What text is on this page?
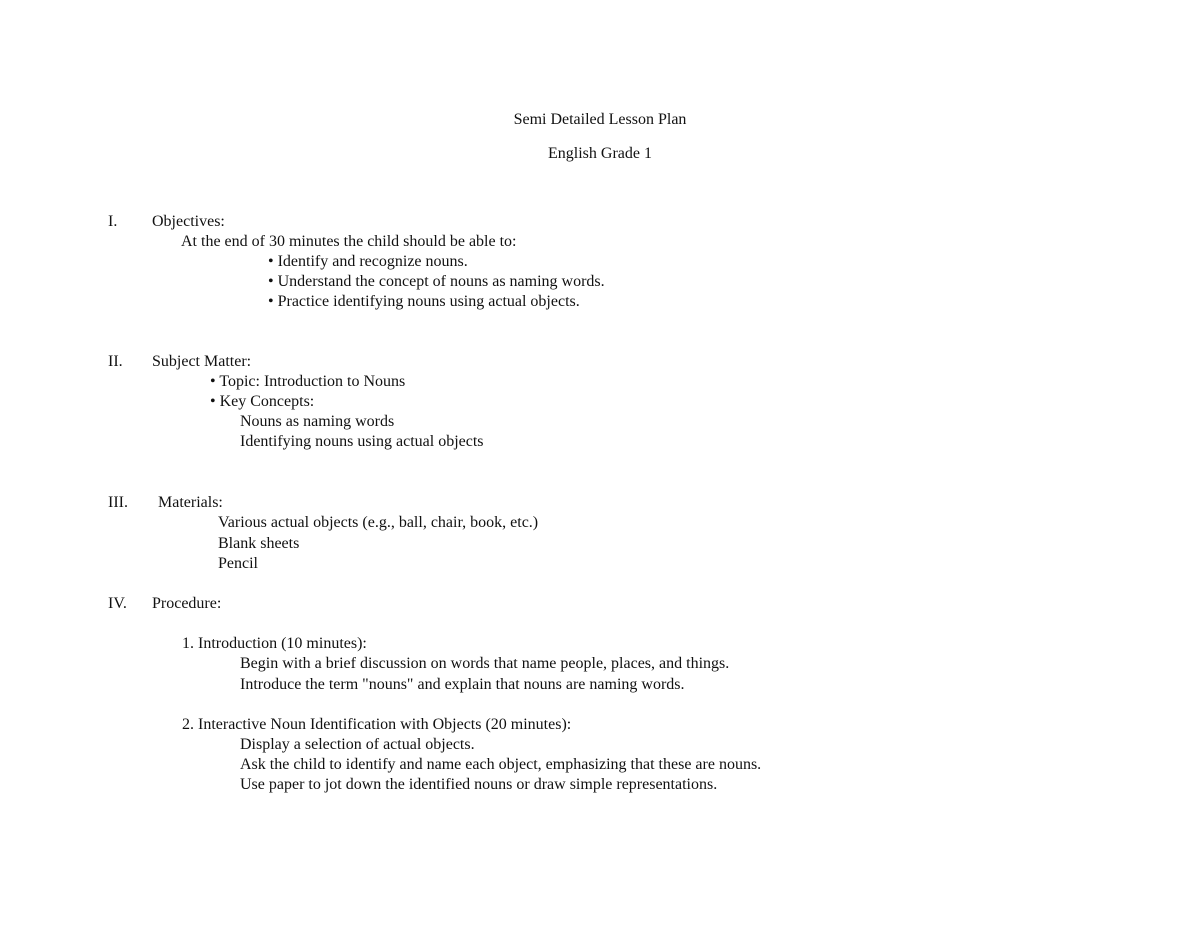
Semi Detailed Lesson Plan
English Grade 1
I. Objectives:
At the end of 30 minutes the child should be able to:
• Identify and recognize nouns.
• Understand the concept of nouns as naming words.
• Practice identifying nouns using actual objects.
II. Subject Matter:
• Topic: Introduction to Nouns
• Key Concepts:
Nouns as naming words
Identifying nouns using actual objects
III. Materials:
Various actual objects (e.g., ball, chair, book, etc.)
Blank sheets
Pencil
IV. Procedure:
1. Introduction (10 minutes):
Begin with a brief discussion on words that name people, places, and things.
Introduce the term "nouns" and explain that nouns are naming words.
2. Interactive Noun Identification with Objects (20 minutes):
Display a selection of actual objects.
Ask the child to identify and name each object, emphasizing that these are nouns.
Use paper to jot down the identified nouns or draw simple representations.
